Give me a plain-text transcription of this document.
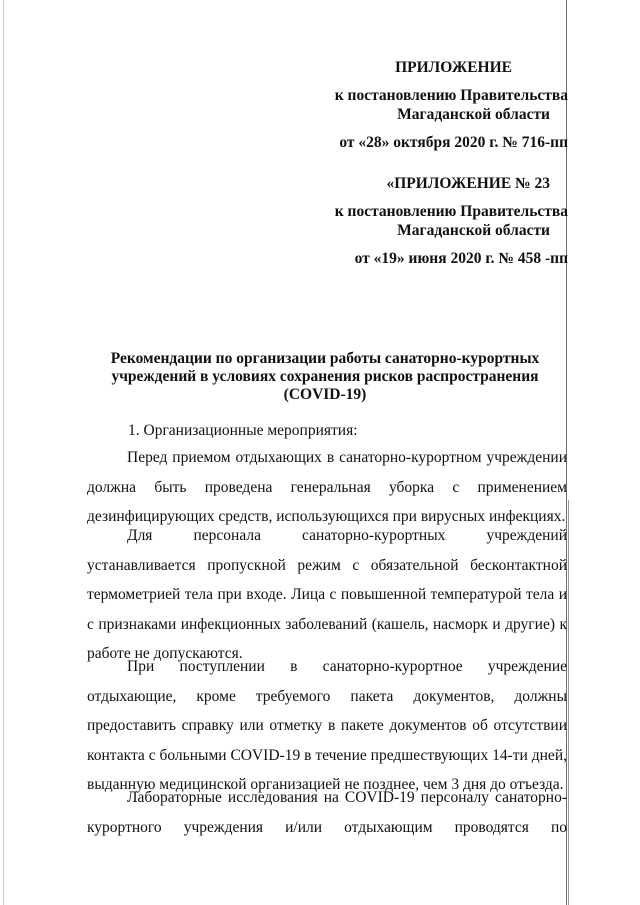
ПРИЛОЖЕНИЕ
к постановлению Правительства
Магаданской области
от «28» октября 2020 г. № 716-пп
«ПРИЛОЖЕНИЕ № 23
к постановлению Правительства
Магаданской области
от «19» июня 2020 г. № 458 -пп
Рекомендации по организации работы санаторно-курортных
учреждений в условиях сохранения рисков распространения
(COVID-19)
1. Организационные мероприятия:

Перед приемом отдыхающих в санаторно-курортном учреждении должна быть проведена генеральная уборка с применением дезинфицирующих средств, использующихся при вирусных инфекциях.

Для персонала санаторно-курортных учреждений устанавливается пропускной режим с обязательной бесконтактной термометрией тела при входе. Лица с повышенной температурой тела и с признаками инфекционных заболеваний (кашель, насморк и другие) к работе не допускаются.

При поступлении в санаторно-курортное учреждение отдыхающие, кроме требуемого пакета документов, должны предоставить справку или отметку в пакете документов об отсутствии контакта с больными COVID-19 в течение предшествующих 14-ти дней, выданную медицинской организацией не позднее, чем 3 дня до отъезда.

Лабораторные исследования на COVID-19 персоналу санаторно-курортного учреждения и/или отдыхающим проводятся по
